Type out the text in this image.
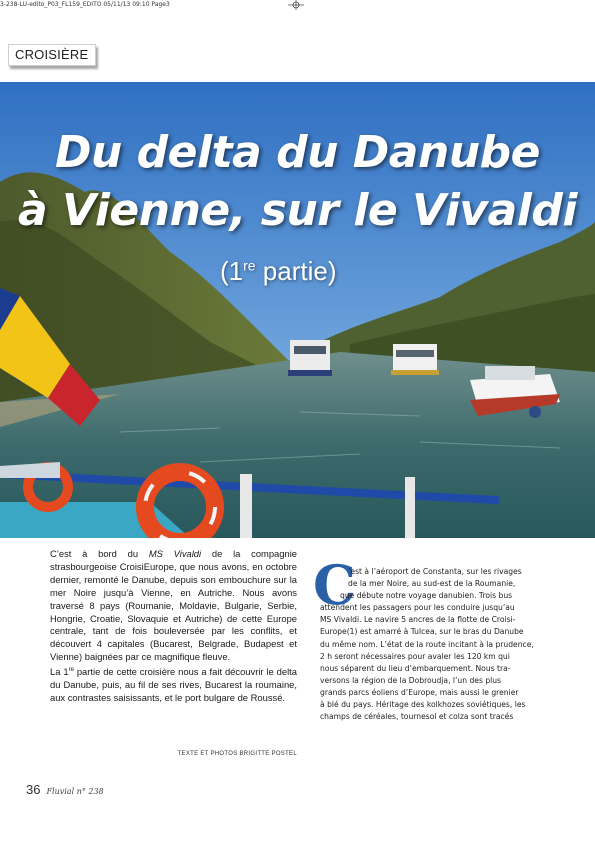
3-238-LU-edito_P03_FL159_EDITO 05/11/13 09:10 Page3
CROISIÈRE
Du delta du Danube
à Vienne, sur le Vivaldi
(1re partie)

C’est à bord du MS Vivaldi de la compagnie strasbourgeoise CroisiEurope, que nous avons, en octobre dernier, remonté le Danube, depuis son embouchure sur la mer Noire jusqu’à Vienne, en Autriche. Nous avons traversé 8 pays (Roumanie, Moldavie, Bulgarie, Serbie, Hongrie, Croatie, Slovaquie et Autriche) de cette Europe centrale, tant de fois bouleversée par les conflits, et découvert 4 capitales (Bucarest, Belgrade, Budapest et Vienne) baignées par ce magnifique fleuve.

La 1re partie de cette croisière nous a fait découvrir le delta du Danube, puis, au fil de ses rives, Bucarest la roumaine, aux contrastes saisissants, et le port bulgare de Roussé.

TEXTE ET PHOTOS BRIGITTE POSTEL
C
’est à l’aéroport de Constanta, sur les rivages
de la mer Noire, au sud-est de la Roumanie,
que débute notre voyage danubien. Trois bus
attendent les passagers pour les conduire jusqu’au
MS Vivaldi. Le navire 5 ancres de la flotte de Croisi-
Europe(1) est amarré à Tulcea, sur le bras du Danube
du même nom. L’état de la route incitant à la prudence,
2 h seront nécessaires pour avaler les 120 km qui
nous séparent du lieu d’embarquement. Nous tra-
versons la région de la Dobroudja, l’un des plus
grands parcs éoliens d’Europe, mais aussi le grenier
à blé du pays. Héritage des kolkhozes soviétiques, les
champs de céréales, tournesol et colza sont tracés
36 Fluvial n° 238
